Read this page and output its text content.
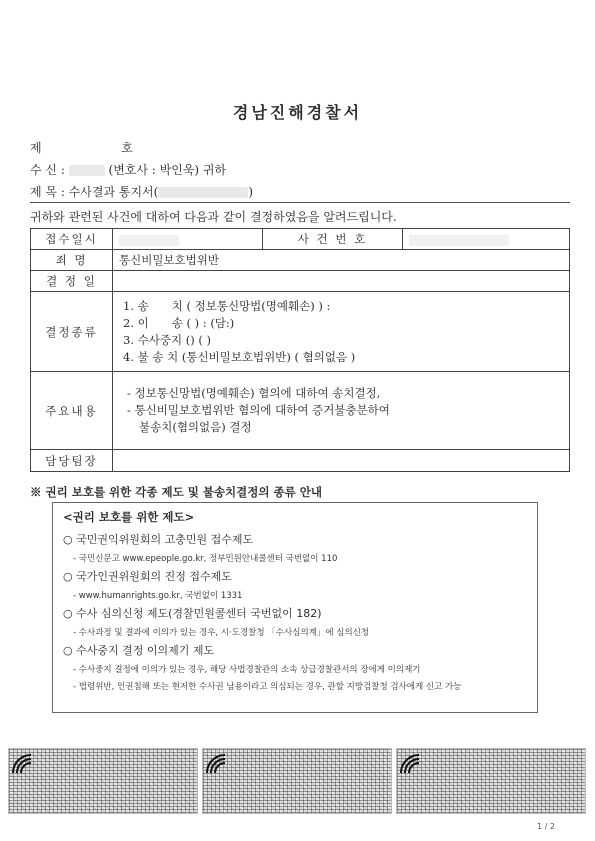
경남진해경찰서
제	호
수 신 :	(변호사 : 박인욱) 귀하
제 목 : 수사결과 통지서(	)
귀하와 관련된 사건에 대하여 다음과 같이 결정하였음을 알려드립니다.
접수일시		사 건 번 호	
죄 명	통신비밀보호법위반		
결 정 일			
결정종류	1. 송　　치 ( 정보통신망법(명예훼손) ) :
2. 이　　송 ( ) : (담:)
3. 수사중지 () ( )
4. 불 송 치 (통신비밀보호법위반) ( 혐의없음 )		

주요내용	- 정보통신망법(명예훼손) 혐의에 대하여 송치결정,
- 통신비밀보호법위반 혐의에 대하여 증거불충분하여
불송치(혐의없음) 결정		

담당팀장			
※ 권리 보호를 위한 각종 제도 및 불송치결정의 종류 안내
<권리 보호를 위한 제도>
○ 국민권익위원회의 고충민원 접수제도
- 국민신문고 www.epeople.go.kr, 정부민원안내콜센터 국번없이 110
○ 국가인권위원회의 진정 접수제도
- www.humanrights.go.kr, 국번없이 1331
○ 수사 심의신청 제도(경찰민원콜센터 국번없이 182)
- 수사과정 및 결과에 이의가 있는 경우, 시·도경찰청 「수사심의계」에 심의신청
○ 수사중지 결정 이의제기 제도
- 수사중지 결정에 이의가 있는 경우, 해당 사법경찰관의 소속 상급경찰관서의 장에게 이의제기
- 법령위반, 인권침해 또는 현저한 수사권 남용이라고 의심되는 경우, 관할 지방검찰청 검사에게 신고 가능
1 / 2
